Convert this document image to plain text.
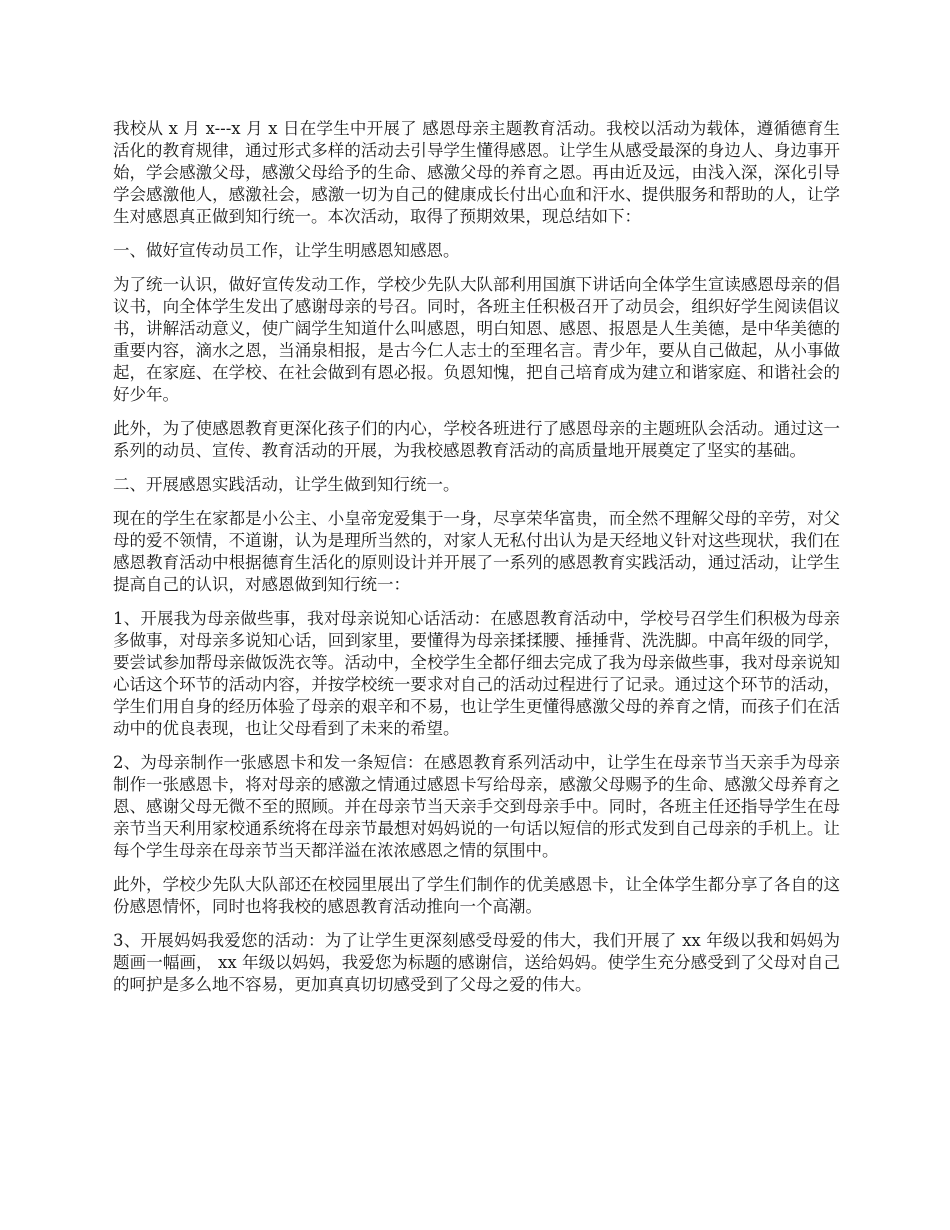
我校从 x 月 x---x 月 x 日在学生中开展了 感恩母亲主题教育活动。我校以活动为载体，遵循德育生活化的教育规律，通过形式多样的活动去引导学生懂得感恩。让学生从感受最深的身边人、身边事开始，学会感激父母，感激父母给予的生命、感激父母的养育之恩。再由近及远，由浅入深，深化引导学会感激他人，感激社会，感激一切为自己的健康成长付出心血和汗水、提供服务和帮助的人，让学生对感恩真正做到知行统一。本次活动，取得了预期效果，现总结如下：

一、做好宣传动员工作，让学生明感恩知感恩。

为了统一认识，做好宣传发动工作，学校少先队大队部利用国旗下讲话向全体学生宣读感恩母亲的倡议书，向全体学生发出了感谢母亲的号召。同时，各班主任积极召开了动员会，组织好学生阅读倡议书，讲解活动意义，使广阔学生知道什么叫感恩，明白知恩、感恩、报恩是人生美德，是中华美德的重要内容，滴水之恩，当涌泉相报，是古今仁人志士的至理名言。青少年，要从自己做起，从小事做起，在家庭、在学校、在社会做到有恩必报。负恩知愧，把自己培育成为建立和谐家庭、和谐社会的好少年。

此外，为了使感恩教育更深化孩子们的内心，学校各班进行了感恩母亲的主题班队会活动。通过这一系列的动员、宣传、教育活动的开展，为我校感恩教育活动的高质量地开展奠定了坚实的基础。

二、开展感恩实践活动，让学生做到知行统一。

现在的学生在家都是小公主、小皇帝宠爱集于一身，尽享荣华富贵，而全然不理解父母的辛劳，对父母的爱不领情，不道谢，认为是理所当然的，对家人无私付出认为是天经地义针对这些现状，我们在感恩教育活动中根据德育生活化的原则设计并开展了一系列的感恩教育实践活动，通过活动，让学生提高自己的认识，对感恩做到知行统一：

1、开展我为母亲做些事，我对母亲说知心话活动：在感恩教育活动中，学校号召学生们积极为母亲多做事，对母亲多说知心话，回到家里，要懂得为母亲揉揉腰、捶捶背、洗洗脚。中高年级的同学，要尝试参加帮母亲做饭洗衣等。活动中，全校学生全都仔细去完成了我为母亲做些事，我对母亲说知心话这个环节的活动内容，并按学校统一要求对自己的活动过程进行了记录。通过这个环节的活动，学生们用自身的经历体验了母亲的艰辛和不易，也让学生更懂得感激父母的养育之情，而孩子们在活动中的优良表现，也让父母看到了未来的希望。

2、为母亲制作一张感恩卡和发一条短信：在感恩教育系列活动中，让学生在母亲节当天亲手为母亲制作一张感恩卡，将对母亲的感激之情通过感恩卡写给母亲，感激父母赐予的生命、感激父母养育之恩、感谢父母无微不至的照顾。并在母亲节当天亲手交到母亲手中。同时，各班主任还指导学生在母亲节当天利用家校通系统将在母亲节最想对妈妈说的一句话以短信的形式发到自己母亲的手机上。让每个学生母亲在母亲节当天都洋溢在浓浓感恩之情的氛围中。

此外，学校少先队大队部还在校园里展出了学生们制作的优美感恩卡，让全体学生都分享了各自的这份感恩情怀，同时也将我校的感恩教育活动推向一个高潮。

3、开展妈妈我爱您的活动：为了让学生更深刻感受母爱的伟大，我们开展了 xx 年级以我和妈妈为题画一幅画， xx 年级以妈妈，我爱您为标题的感谢信，送给妈妈。使学生充分感受到了父母对自己的呵护是多么地不容易，更加真真切切感受到了父母之爱的伟大。
